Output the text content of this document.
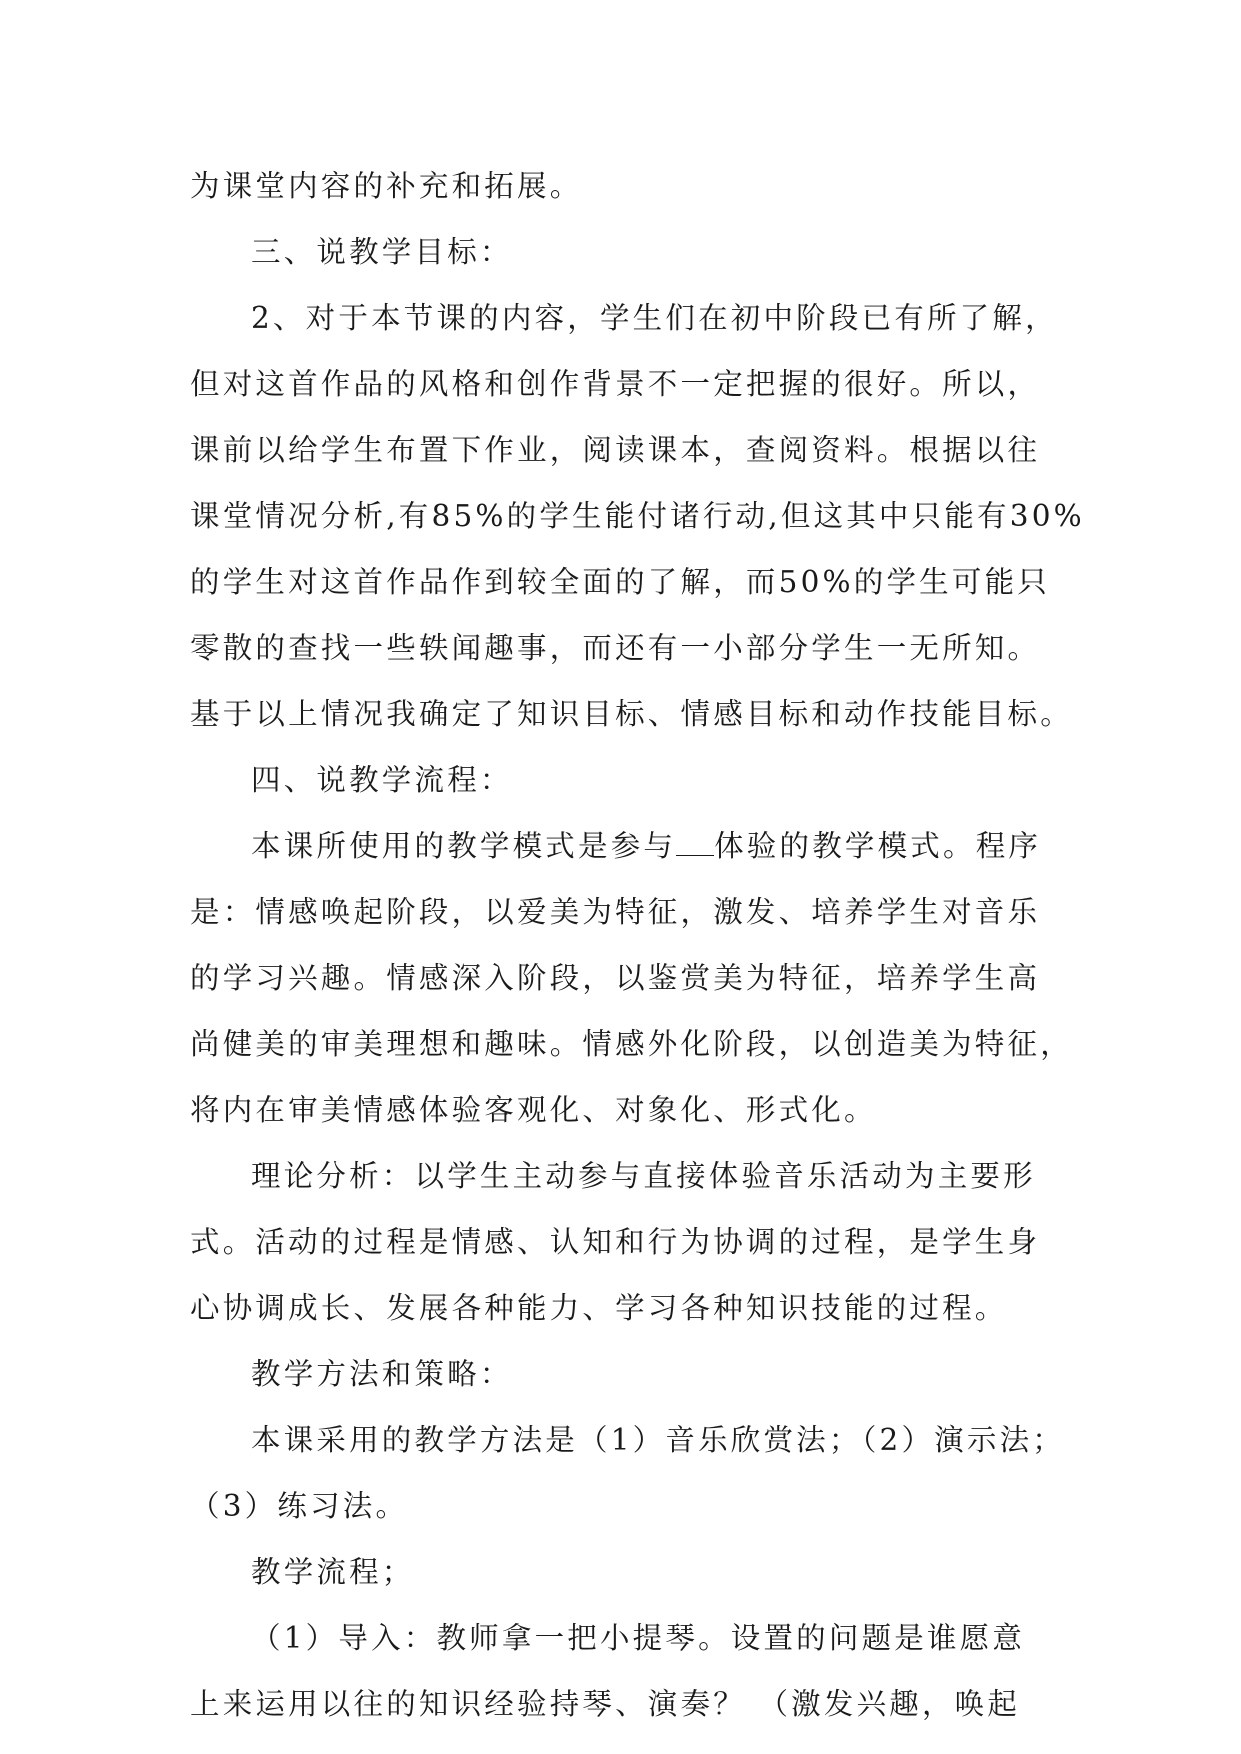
为课堂内容的补充和拓展。
三、说教学目标：
2、对于本节课的内容，学生们在初中阶段已有所了解，
但对这首作品的风格和创作背景不一定把握的很好。所以，
课前以给学生布置下作业，阅读课本，查阅资料。根据以往
课堂情况分析,有85%的学生能付诸行动,但这其中只能有30%
的学生对这首作品作到较全面的了解，而50%的学生可能只
零散的查找一些轶闻趣事，而还有一小部分学生一无所知。
基于以上情况我确定了知识目标、情感目标和动作技能目标。
四、说教学流程：
本课所使用的教学模式是参与 体验的教学模式。程序
是：情感唤起阶段，以爱美为特征，激发、培养学生对音乐
的学习兴趣。情感深入阶段，以鉴赏美为特征，培养学生高
尚健美的审美理想和趣味。情感外化阶段，以创造美为特征，
将内在审美情感体验客观化、对象化、形式化。
理论分析：以学生主动参与直接体验音乐活动为主要形
式。活动的过程是情感、认知和行为协调的过程，是学生身
心协调成长、发展各种能力、学习各种知识技能的过程。
教学方法和策略：
本课采用的教学方法是（1）音乐欣赏法；（2）演示法；
（3）练习法。
教学流程；
（1）导入：教师拿一把小提琴。设置的问题是谁愿意
上来运用以往的知识经验持琴、演奏？ （激发兴趣，唤起
